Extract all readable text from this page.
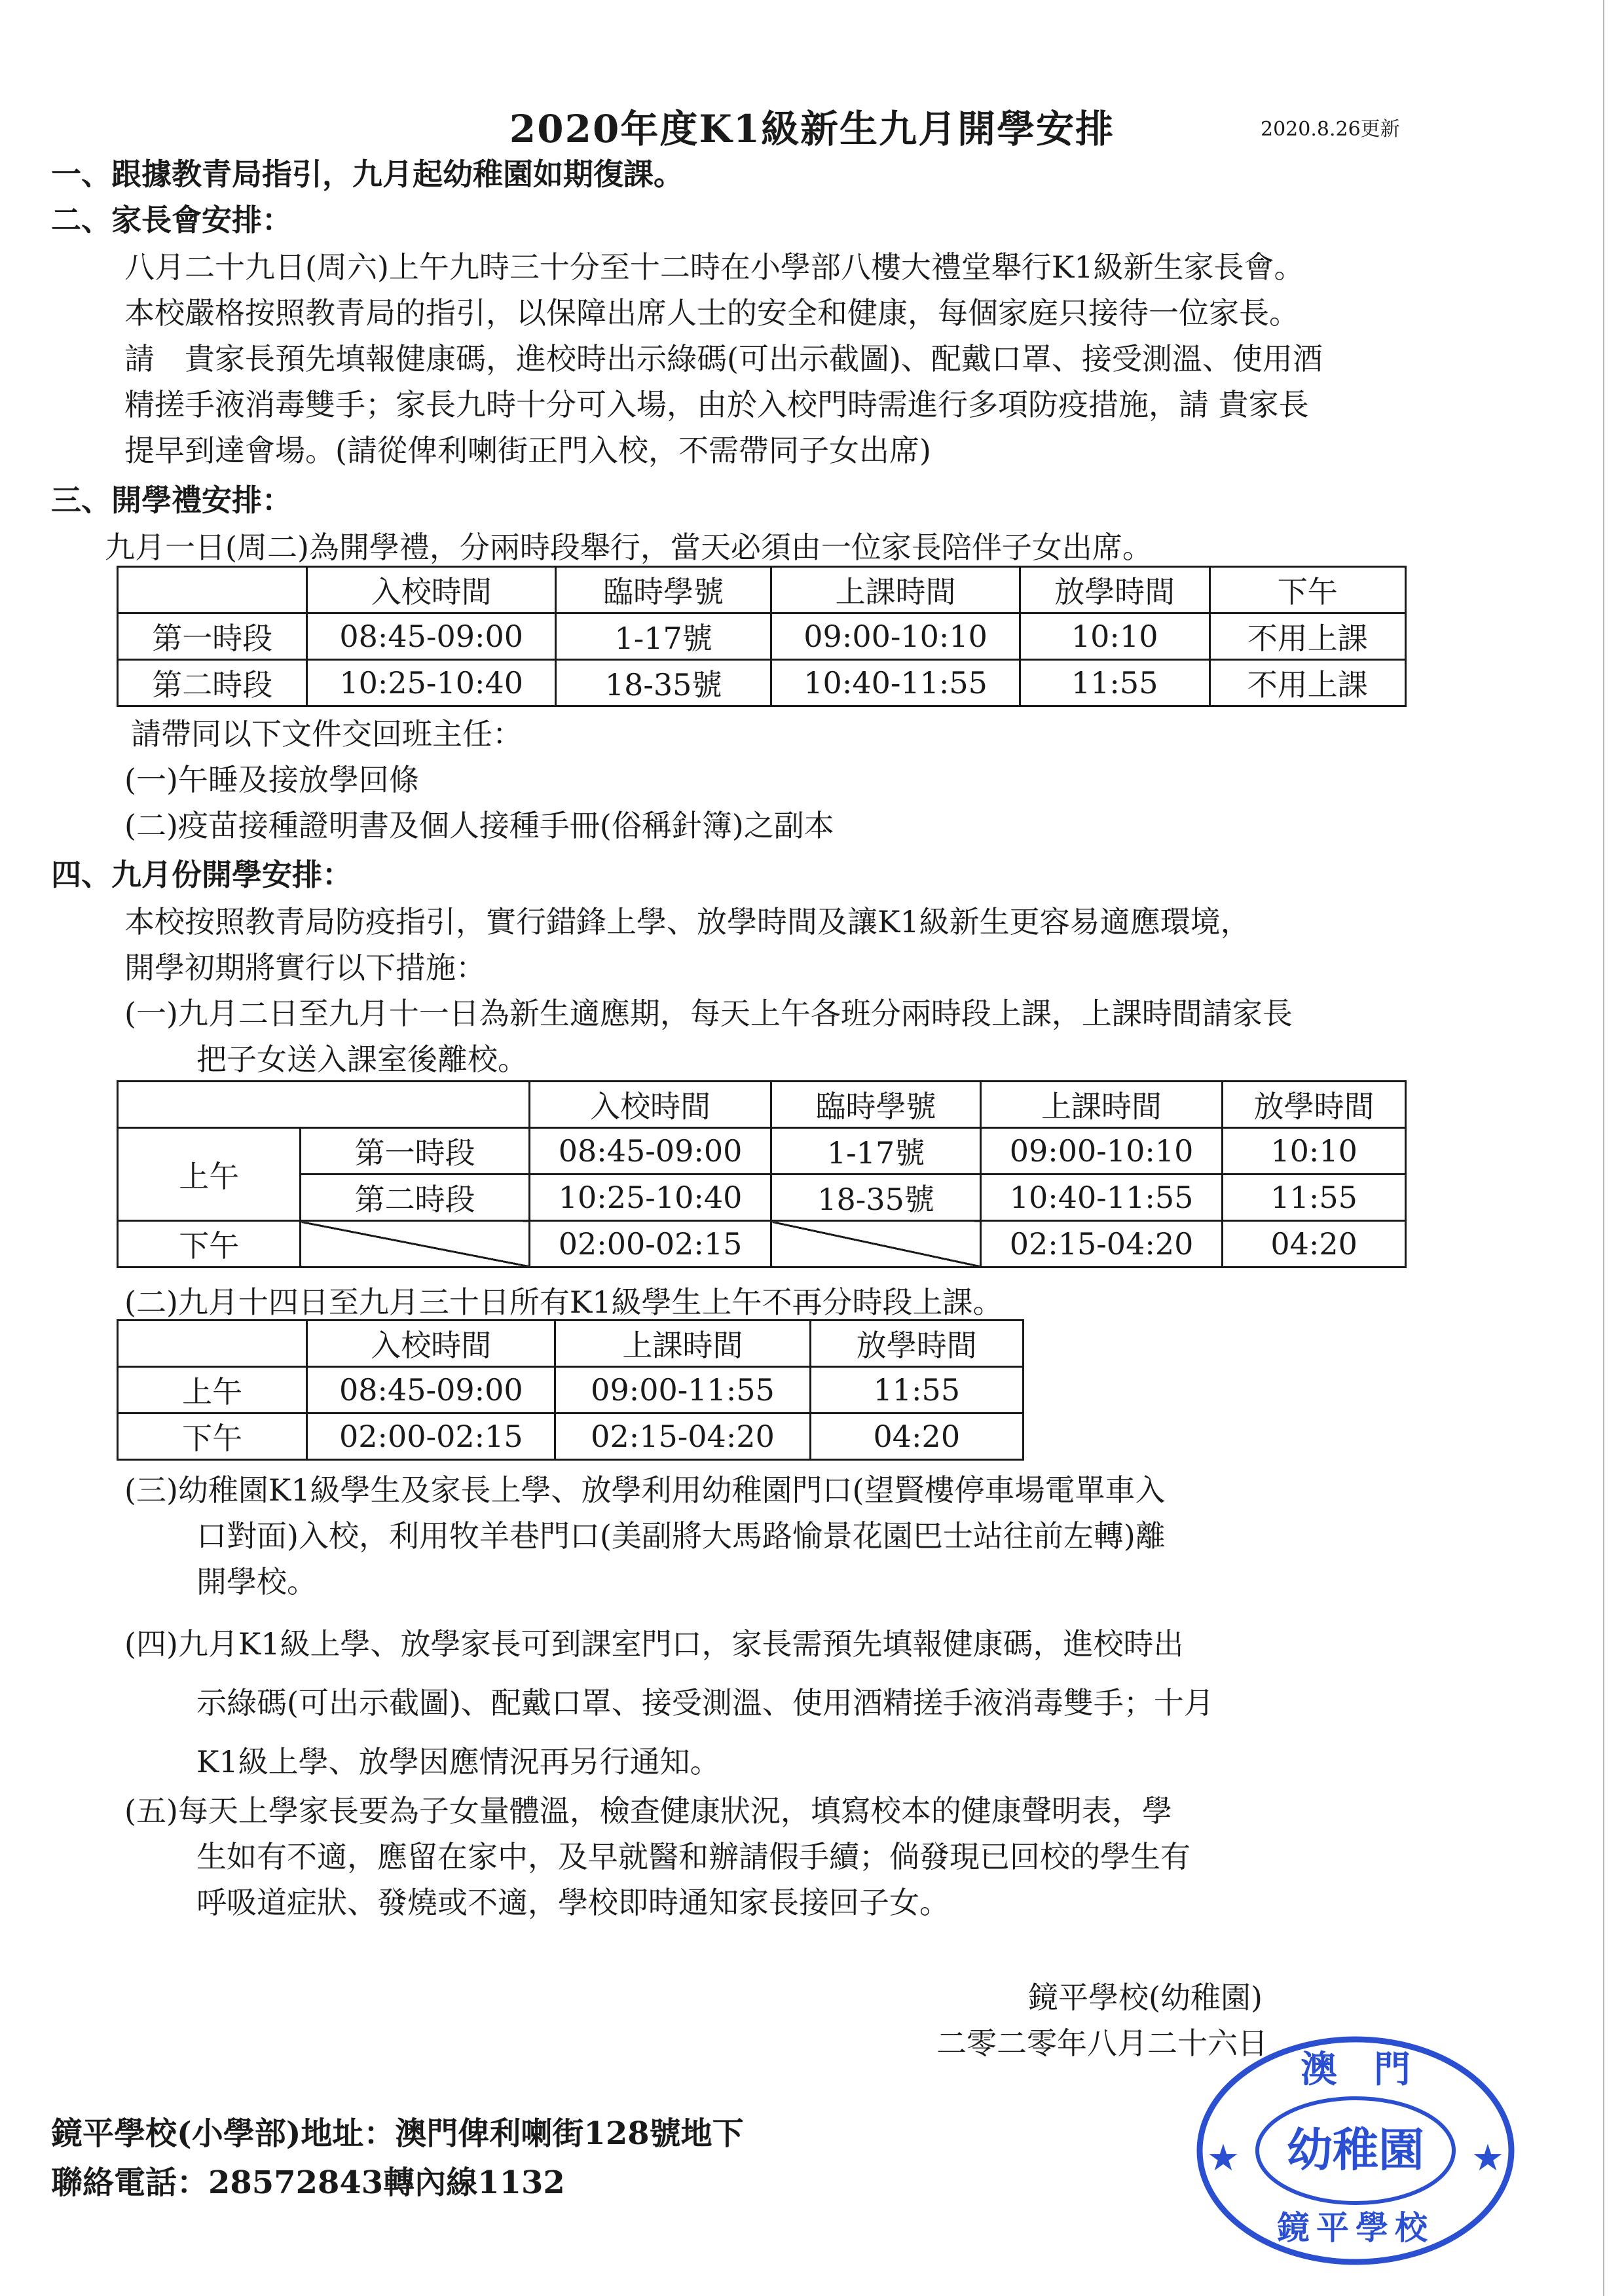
2020年度K1級新生九月開學安排	2020.8.26更新
一、跟據教青局指引，九月起幼稚園如期復課。
二、家長會安排：
八月二十九日(周六)上午九時三十分至十二時在小學部八樓大禮堂舉行K1級新生家長會。
本校嚴格按照教青局的指引，以保障出席人士的安全和健康，每個家庭只接待一位家長。
請　貴家長預先填報健康碼，進校時出示綠碼(可出示截圖)、配戴口罩、接受測溫、使用酒
精搓手液消毒雙手；家長九時十分可入場，由於入校門時需進行多項防疫措施，請 貴家長
提早到達會場。(請從俾利喇街正門入校，不需帶同子女出席)
三、開學禮安排：
九月一日(周二)為開學禮，分兩時段舉行，當天必須由一位家長陪伴子女出席。
	入校時間	臨時學號	上課時間	放學時間	下午
第一時段	08:45-09:00	1-17號	09:00-10:10	10:10	不用上課
第二時段	10:25-10:40	18-35號	10:40-11:55	11:55	不用上課
請帶同以下文件交回班主任：
(一)午睡及接放學回條
(二)疫苗接種證明書及個人接種手冊(俗稱針簿)之副本
四、九月份開學安排：
本校按照教青局防疫指引，實行錯鋒上學、放學時間及讓K1級新生更容易適應環境，
開學初期將實行以下措施：
(一)九月二日至九月十一日為新生適應期，每天上午各班分兩時段上課，上課時間請家長
把子女送入課室後離校。
		入校時間	臨時學號	上課時間	放學時間
上午	第一時段	08:45-09:00	1-17號	09:00-10:10	10:10
	第二時段	10:25-10:40	18-35號	10:40-11:55	11:55
下午		02:00-02:15		02:15-04:20	04:20
(二)九月十四日至九月三十日所有K1級學生上午不再分時段上課。
	入校時間	上課時間	放學時間
上午	08:45-09:00	09:00-11:55	11:55
下午	02:00-02:15	02:15-04:20	04:20
(三)幼稚園K1級學生及家長上學、放學利用幼稚園門口(望賢樓停車場電單車入
口對面)入校，利用牧羊巷門口(美副將大馬路愉景花園巴士站往前左轉)離
開學校。
(四)九月K1級上學、放學家長可到課室門口，家長需預先填報健康碼，進校時出
示綠碼(可出示截圖)、配戴口罩、接受測溫、使用酒精搓手液消毒雙手；十月
K1級上學、放學因應情況再另行通知。
(五)每天上學家長要為子女量體溫，檢查健康狀況，填寫校本的健康聲明表，學
生如有不適，應留在家中，及早就醫和辦請假手續；倘發現已回校的學生有
呼吸道症狀、發燒或不適，學校即時通知家長接回子女。
鏡平學校(幼稚園)
二零二零年八月二十六日
鏡平學校(小學部)地址：澳門俾利喇街128號地下
聯絡電話：28572843轉內線1132
澳　門
幼稚園
鏡平學校
★	★
